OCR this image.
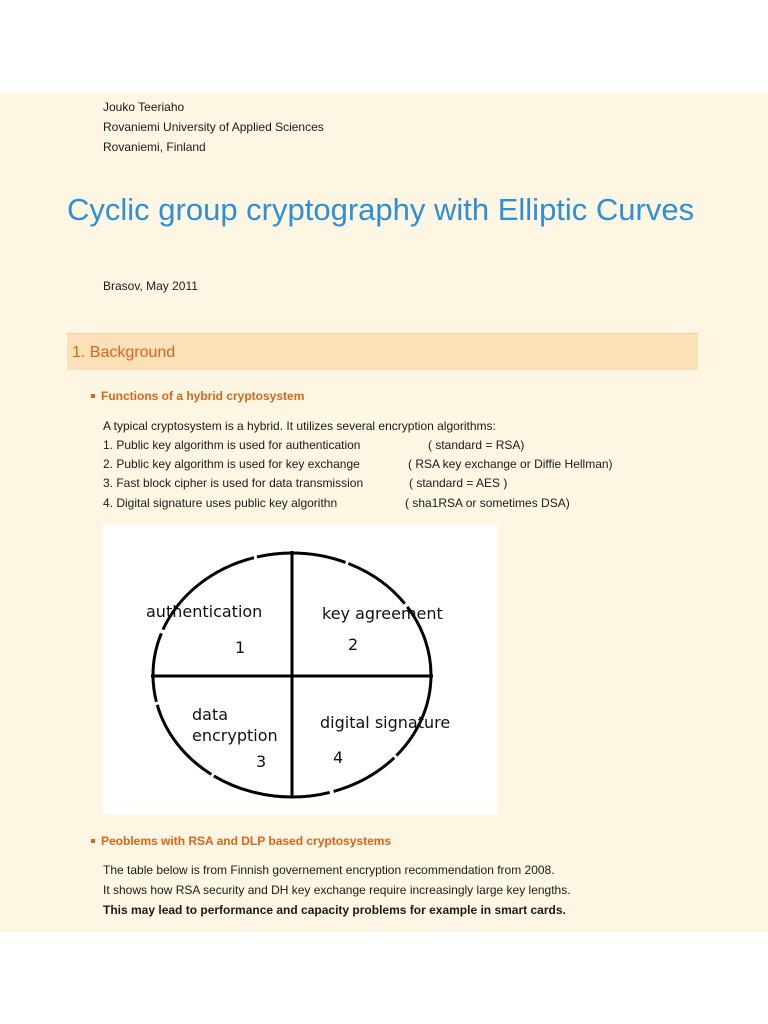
Jouko Teeriaho
Rovaniemi University of Applied Sciences
Rovaniemi, Finland
Cyclic group cryptography with Elliptic Curves
Brasov, May 2011
1. Background
Functions of a hybrid cryptosystem
A typical cryptosystem is a hybrid. It utilizes several encryption algorithms:
1. Public key algorithm is used for authentication	( standard = RSA)
2. Public key algorithm is used for key exchange	( RSA key exchange or Diffie Hellman)
3. Fast block cipher is used for data transmission	( standard = AES )
4. Digital signature uses public key algorithn	( sha1RSA or sometimes DSA)
authentication
1
key agreement
2
data
encryption
3
digital signature
4
Peoblems with RSA and DLP based cryptosystems
The table below is from Finnish governement encryption recommendation from 2008.
It shows how RSA security and DH key exchange require increasingly large key lengths.
This may lead to performance and capacity problems for example in smart cards.
